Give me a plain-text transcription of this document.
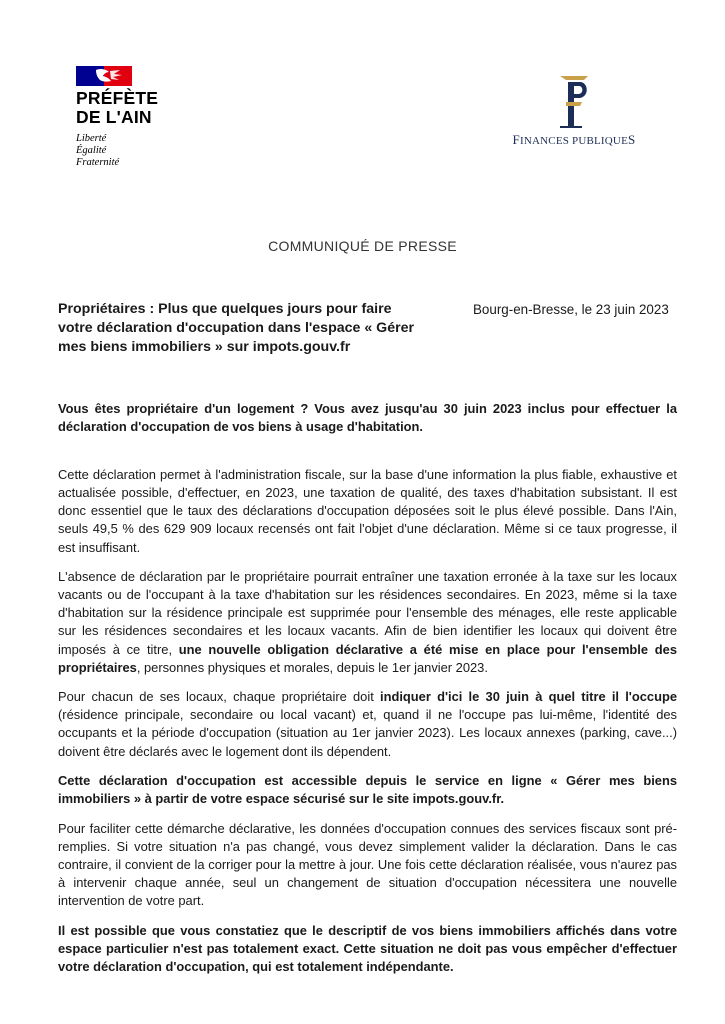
PRÉFÈTE
DE L'AIN
Liberté
Égalité
Fraternité
FINANCES PUBLIQUES
COMMUNIQUÉ DE PRESSE
Propriétaires : Plus que quelques jours pour faire votre déclaration d'occupation dans l'espace « Gérer mes biens immobiliers » sur impots.gouv.fr
Bourg-en-Bresse, le 23 juin 2023

Vous êtes propriétaire d'un logement ? Vous avez jusqu'au 30 juin 2023 inclus pour effectuer la déclaration d'occupation de vos biens à usage d'habitation.

Cette déclaration permet à l'administration fiscale, sur la base d'une information la plus fiable, exhaustive et actualisée possible, d'effectuer, en 2023, une taxation de qualité, des taxes d'habitation subsistant. Il est donc essentiel que le taux des déclarations d'occupation déposées soit le plus élevé possible. Dans l'Ain, seuls 49,5 % des 629 909 locaux recensés ont fait l'objet d'une déclaration. Même si ce taux progresse, il est insuffisant.

L'absence de déclaration par le propriétaire pourrait entraîner une taxation erronée à la taxe sur les locaux vacants ou de l'occupant à la taxe d'habitation sur les résidences secondaires. En 2023, même si la taxe d'habitation sur la résidence principale est supprimée pour l'ensemble des ménages, elle reste applicable sur les résidences secondaires et les locaux vacants. Afin de bien identifier les locaux qui doivent être imposés à ce titre, une nouvelle obligation déclarative a été mise en place pour l'ensemble des propriétaires, personnes physiques et morales, depuis le 1er janvier 2023.

Pour chacun de ses locaux, chaque propriétaire doit indiquer d'ici le 30 juin à quel titre il l'occupe (résidence principale, secondaire ou local vacant) et, quand il ne l'occupe pas lui-même, l'identité des occupants et la période d'occupation (situation au 1er janvier 2023). Les locaux annexes (parking, cave...) doivent être déclarés avec le logement dont ils dépendent.

Cette déclaration d'occupation est accessible depuis le service en ligne « Gérer mes biens immobiliers » à partir de votre espace sécurisé sur le site impots.gouv.fr.

Pour faciliter cette démarche déclarative, les données d'occupation connues des services fiscaux sont pré-remplies. Si votre situation n'a pas changé, vous devez simplement valider la déclaration. Dans le cas contraire, il convient de la corriger pour la mettre à jour. Une fois cette déclaration réalisée, vous n'aurez pas à intervenir chaque année, seul un changement de situation d'occupation nécessitera une nouvelle intervention de votre part.

Il est possible que vous constatiez que le descriptif de vos biens immobiliers affichés dans votre espace particulier n'est pas totalement exact. Cette situation ne doit pas vous empêcher d'effectuer votre déclaration d'occupation, qui est totalement indépendante.
